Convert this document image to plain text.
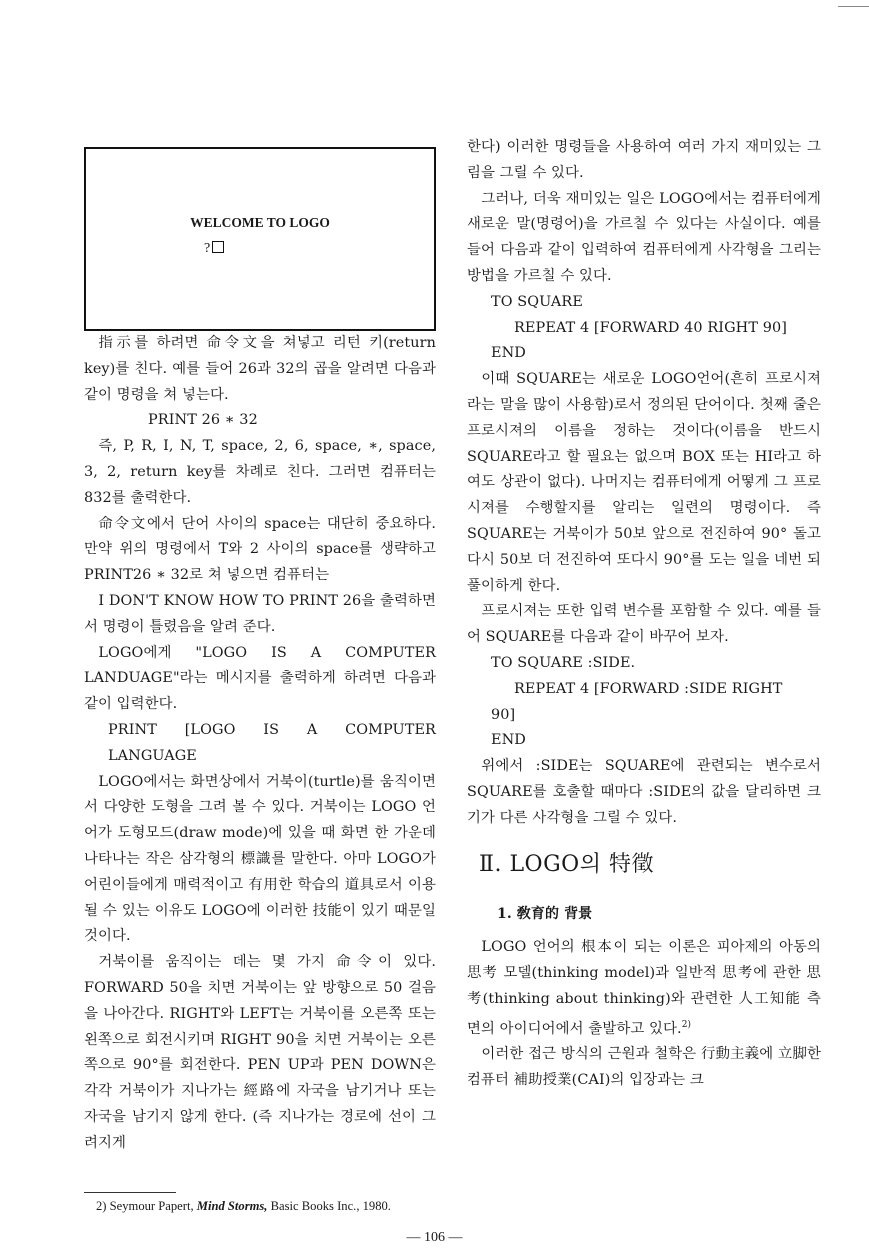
WELCOME TO LOGO
?

指示를 하려면 命令文을 쳐넣고 리턴 키(return key)를 친다. 예를 들어 26과 32의 곱을 알려면 다음과 같이 명령을 쳐 넣는다.

PRINT 26 ∗ 32

즉, P, R, I, N, T, space, 2, 6, space, ∗, space, 3, 2, return key를 차례로 친다. 그러면 컴퓨터는 832를 출력한다.

命令文에서 단어 사이의 space는 대단히 중요하다. 만약 위의 명령에서 T와 2 사이의 space를 생략하고 PRINT26 ∗ 32로 쳐 넣으면 컴퓨터는

I DON'T KNOW HOW TO PRINT 26을 출력하면서 명령이 틀렸음을 알려 준다.

LOGO에게 "LOGO IS A COMPUTER LANDUAGE"라는 메시지를 출력하게 하려면 다음과 같이 입력한다.

PRINT [LOGO IS A COMPUTER LANGUAGE

LOGO에서는 화면상에서 거북이(turtle)를 움직이면서 다양한 도형을 그려 볼 수 있다. 거북이는 LOGO 언어가 도형모드(draw mode)에 있을 때 화면 한 가운데 나타나는 작은 삼각형의 標識를 말한다. 아마 LOGO가 어린이들에게 매력적이고 有用한 학습의 道具로서 이용될 수 있는 이유도 LOGO에 이러한 技能이 있기 때문일 것이다.

거북이를 움직이는 데는 몇 가지 命令이 있다. FORWARD 50을 치면 거북이는 앞 방향으로 50 걸음을 나아간다. RIGHT와 LEFT는 거북이를 오른쪽 또는 왼쪽으로 회전시키며 RIGHT 90을 치면 거북이는 오른쪽으로 90°를 회전한다. PEN UP과 PEN DOWN은 각각 거북이가 지나가는 經路에 자국을 남기거나 또는 자국을 남기지 않게 한다. (즉 지나가는 경로에 선이 그려지게

한다) 이러한 명령들을 사용하여 여러 가지 재미있는 그림을 그릴 수 있다.

그러나, 더욱 재미있는 일은 LOGO에서는 컴퓨터에게 새로운 말(명령어)을 가르칠 수 있다는 사실이다. 예를 들어 다음과 같이 입력하여 컴퓨터에게 사각형을 그리는 방법을 가르칠 수 있다.

TO SQUARE

REPEAT 4 [FORWARD 40 RIGHT 90]

END

이때 SQUARE는 새로운 LOGO언어(흔히 프로시져라는 말을 많이 사용함)로서 정의된 단어이다. 첫째 줄은 프로시져의 이름을 정하는 것이다(이름을 반드시 SQUARE라고 할 필요는 없으며 BOX 또는 HI라고 하여도 상관이 없다). 나머지는 컴퓨터에게 어떻게 그 프로시져를 수행할지를 알리는 일련의 명령이다. 즉 SQUARE는 거북이가 50보 앞으로 전진하여 90° 돌고 다시 50보 더 전진하여 또다시 90°를 도는 일을 네번 되풀이하게 한다.

프로시져는 또한 입력 변수를 포함할 수 있다. 예를 들어 SQUARE를 다음과 같이 바꾸어 보자.

TO SQUARE :SIDE.

REPEAT 4 [FORWARD :SIDE RIGHT

90]

END

위에서 :SIDE는 SQUARE에 관련되는 변수로서 SQUARE를 호출할 때마다 :SIDE의 값을 달리하면 크기가 다른 사각형을 그릴 수 있다.

Ⅱ. LOGO의 特徵

1. 敎育的 背景

LOGO 언어의 根本이 되는 이론은 피아제의 아동의 思考 모델(thinking model)과 일반적 思考에 관한 思考(thinking about thinking)와 관련한 人工知能 측면의 아이디어에서 출발하고 있다.$^{2)}$

이러한 접근 방식의 근원과 철학은 行動主義에 立脚한 컴퓨터 補助授業(CAI)의 입장과는 크

2) Seymour Papert, Mind Storms, Basic Books Inc., 1980.
— 106 —
